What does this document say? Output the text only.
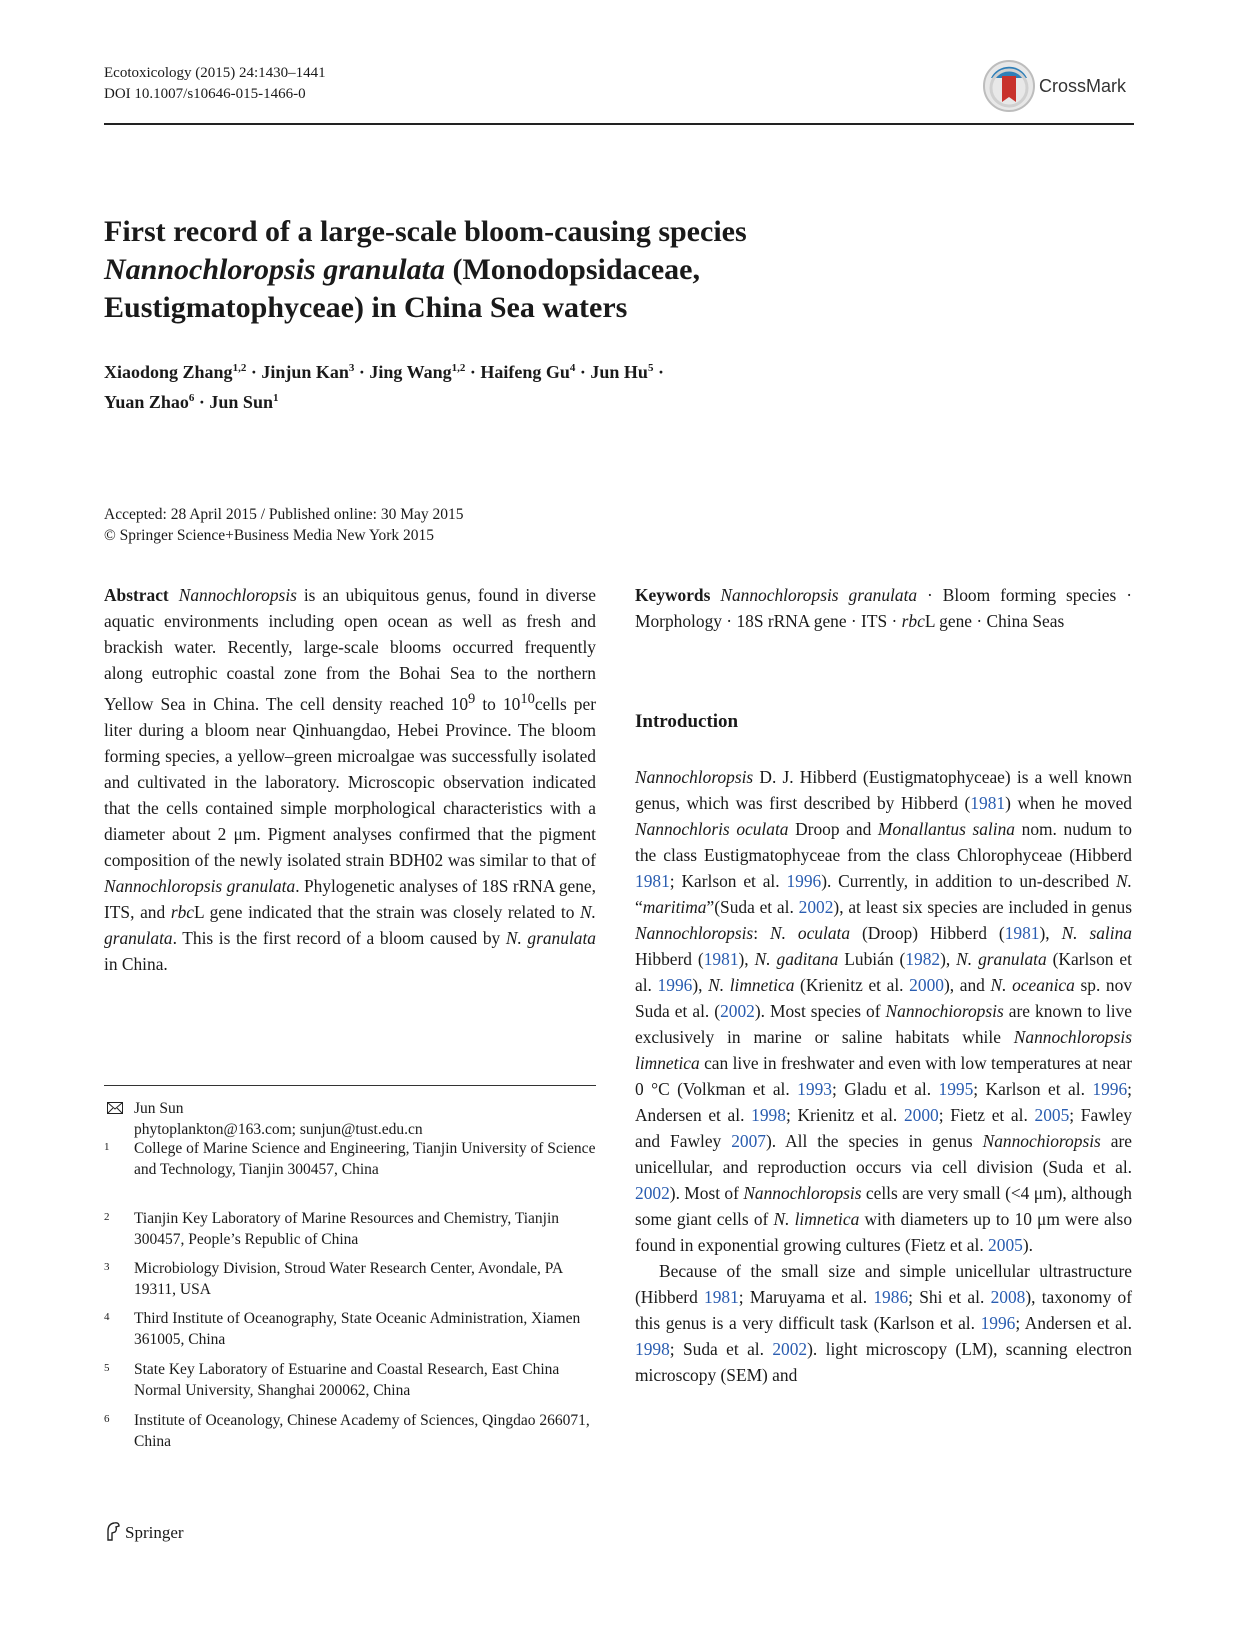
Ecotoxicology (2015) 24:1430–1441
DOI 10.1007/s10646-015-1466-0	CrossMark
First record of a large-scale bloom-causing species
Nannochloropsis granulata (Monodopsidaceae,
Eustigmatophyceae) in China Sea waters
Xiaodong Zhang$^{1,2}$ · Jinjun Kan$^3$ · Jing Wang$^{1,2}$ · Haifeng $Gu^4$ · Jun $Hu^5$ ·
Yuan Zhao$^6$ · Jun Sun$^1$
Accepted: 28 April 2015 / Published online: 30 May 2015
© Springer Science+Business Media New York 2015
Abstract Nannochloropsis is an ubiquitous genus, found in diverse aquatic environments including open ocean as well as fresh and brackish water. Recently, large-scale blooms occurred frequently along eutrophic coastal zone from the Bohai Sea to the northern Yellow Sea in China. The cell density reached $10^9$ to $10^{10}cells$ per liter during a bloom near Qinhuangdao, Hebei Province. The bloom forming species, a yellow–green microalgae was successfully isolated and cultivated in the laboratory. Microscopic observation indicated that the cells contained simple morphological characteristics with a diameter about 2 μm. Pigment analyses confirmed that the pigment composition of the newly isolated strain BDH02 was similar to that of Nannochloropsis granulata. Phylogenetic analyses of 18S rRNA gene, ITS, and rbcL gene indicated that the strain was closely related to N. granulata. This is the first record of a bloom caused by N. granulata in China.
Keywords Nannochloropsis granulata · Bloom forming species · Morphology · 18S rRNA gene · ITS · rbcL gene · China Seas
Introduction

Nannochloropsis D. J. Hibberd (Eustigmatophyceae) is a well known genus, which was first described by Hibberd (1981) when he moved Nannochloris oculata Droop and Monallantus salina nom. nudum to the class Eustigmatophyceae from the class Chlorophyceae (Hibberd 1981; Karlson et al. 1996). Currently, in addition to un-described N. “maritima”(Suda et al. 2002), at least six species are included in genus Nannochloropsis: N. oculata (Droop) Hibberd (1981), N. salina Hibberd (1981), N. gaditana Lubián (1982), N. granulata (Karlson et al. 1996), N. limnetica (Krienitz et al. 2000), and N. oceanica sp. nov Suda et al. (2002). Most species of Nannochioropsis are known to live exclusively in marine or saline habitats while Nannochloropsis limnetica can live in freshwater and even with low temperatures at near 0 °C (Volkman et al. 1993; Gladu et al. 1995; Karlson et al. 1996; Andersen et al. 1998; Krienitz et al. 2000; Fietz et al. 2005; Fawley and Fawley 2007). All the species in genus Nannochioropsis are unicellular, and reproduction occurs via cell division (Suda et al. 2002). Most of Nannochloropsis cells are very small (<4 μm), although some giant cells of N. limnetica with diameters up to 10 μm were also found in exponential growing cultures (Fietz et al. 2005).

Because of the small size and simple unicellular ultrastructure (Hibberd 1981; Maruyama et al. 1986; Shi et al. 2008), taxonomy of this genus is a very difficult task (Karlson et al. 1996; Andersen et al. 1998; Suda et al. 2002). light microscopy (LM), scanning electron microscopy (SEM) and

Jun Sun
phytoplankton@163.com; sunjun@tust.edu.cn
1 College of Marine Science and Engineering, Tianjin University of Science and Technology, Tianjin 300457, China
2 Tianjin Key Laboratory of Marine Resources and Chemistry, Tianjin 300457, People’s Republic of China
3 Microbiology Division, Stroud Water Research Center, Avondale, PA 19311, USA
4 Third Institute of Oceanography, State Oceanic Administration, Xiamen 361005, China
5 State Key Laboratory of Estuarine and Coastal Research, East China Normal University, Shanghai 200062, China
6 Institute of Oceanology, Chinese Academy of Sciences, Qingdao 266071, China
Springer
